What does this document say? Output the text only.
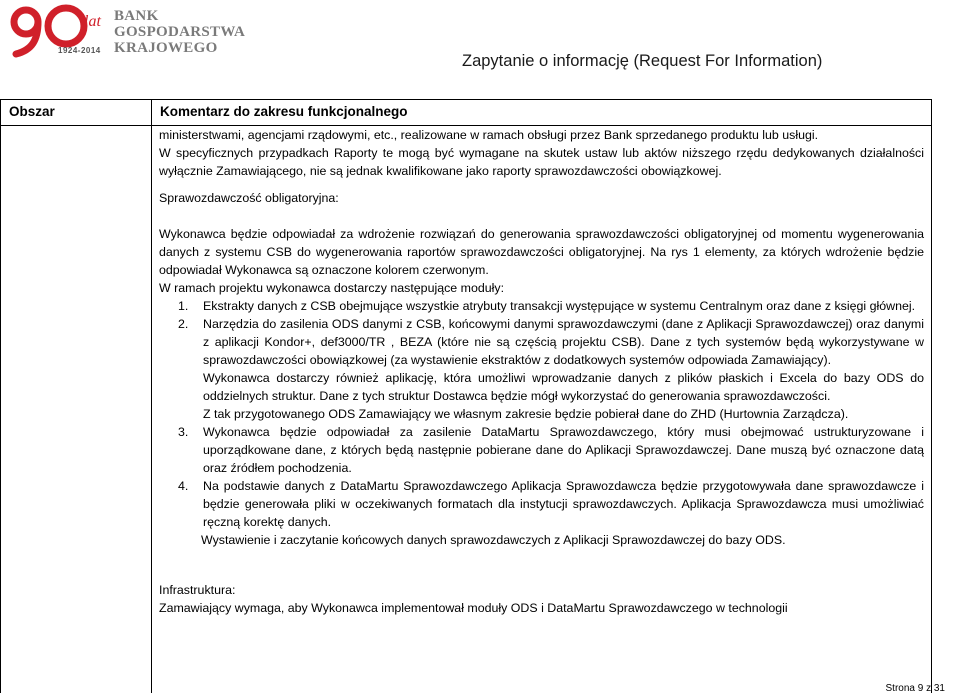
lat
1924-2014
BANK
GOSPODARSTWA
KRAJOWEGO
Zapytanie o informację (Request For Information)
Obszar	Komentarz do zakresu funkcjonalnego

ministerstwami, agencjami rządowymi, etc., realizowane w ramach obsługi przez Bank sprzedanego produktu lub usługi.

W specyficznych przypadkach Raporty te mogą być wymagane na skutek ustaw lub aktów niższego rzędu dedykowanych działalności wyłącznie Zamawiającego, nie są jednak kwalifikowane jako raporty sprawozdawczości obowiązkowej.

Sprawozdawczość obligatoryjna:

Wykonawca będzie odpowiadał za wdrożenie rozwiązań do generowania sprawozdawczości obligatoryjnej od momentu wygenerowania danych z systemu CSB do wygenerowania raportów sprawozdawczości obligatoryjnej. Na rys 1 elementy, za których wdrożenie będzie odpowiadał Wykonawca są oznaczone kolorem czerwonym.

W ramach projektu wykonawca dostarczy następujące moduły:

1. Ekstrakty danych z CSB obejmujące wszystkie atrybuty transakcji występujące w systemu Centralnym oraz dane z księgi głównej.
2. Narzędzia do zasilenia ODS danymi z CSB, końcowymi danymi sprawozdawczymi (dane z Aplikacji Sprawozdawczej) oraz danymi z aplikacji Kondor+, def3000/TR , BEZA (które nie są częścią projektu CSB). Dane z tych systemów będą wykorzystywane w sprawozdawczości obowiązkowej (za wystawienie ekstraktów z dodatkowych systemów odpowiada Zamawiający).

Wykonawca dostarczy również aplikację, która umożliwi wprowadzanie danych z plików płaskich i Excela do bazy ODS do oddzielnych struktur. Dane z tych struktur Dostawca będzie mógł wykorzystać do generowania sprawozdawczości.

Z tak przygotowanego ODS Zamawiający we własnym zakresie będzie pobierał dane do ZHD (Hurtownia Zarządcza).

3. Wykonawca będzie odpowiadał za zasilenie DataMartu Sprawozdawczego, który musi obejmować ustrukturyzowane i uporządkowane dane, z których będą następnie pobierane dane do Aplikacji Sprawozdawczej. Dane muszą być oznaczone datą oraz źródłem pochodzenia.
4. Na podstawie danych z DataMartu Sprawozdawczego Aplikacja Sprawozdawcza będzie przygotowywała dane sprawozdawcze i będzie generowała pliki w oczekiwanych formatach dla instytucji sprawozdawczych. Aplikacja Sprawozdawcza musi umożliwiać ręczną korektę danych.

Wystawienie i zaczytanie końcowych danych sprawozdawczych z Aplikacji Sprawozdawczej do bazy ODS.

Infrastruktura:

Zamawiający wymaga, aby Wykonawca implementował moduły ODS i DataMartu Sprawozdawczego w technologii

Strona 9 z 31
